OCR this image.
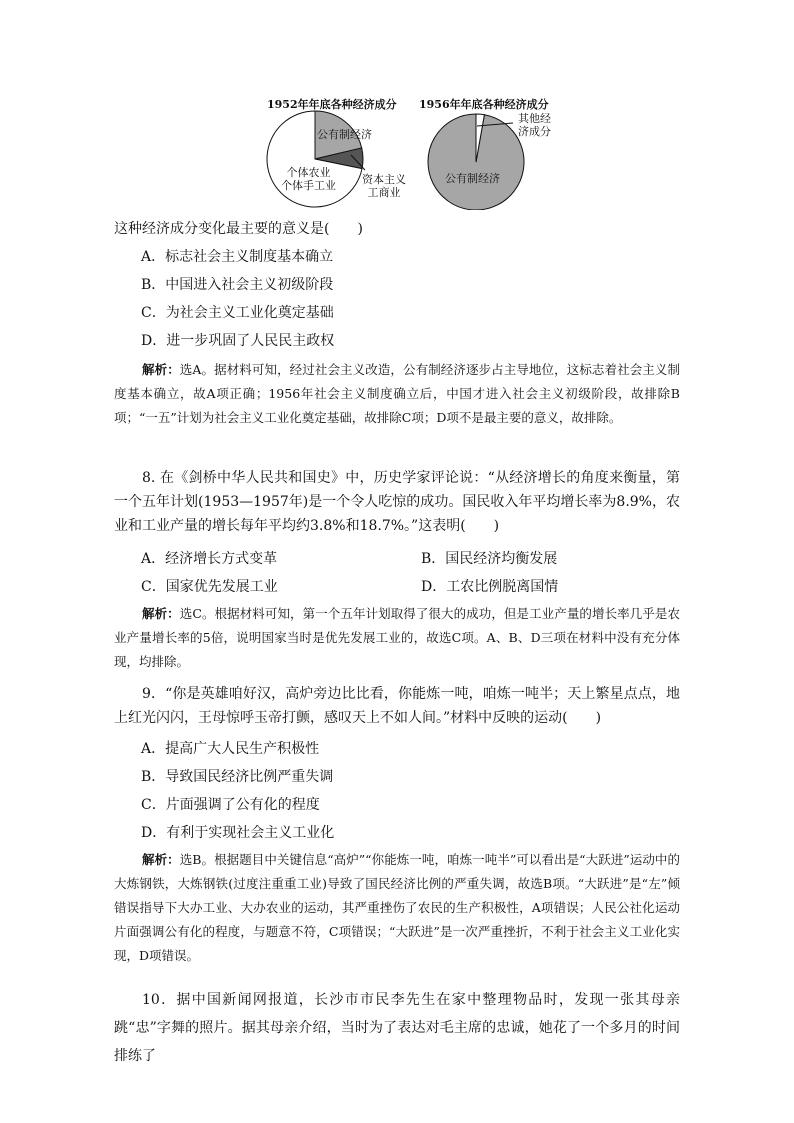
1952年年底各种经济成分 1956年年底各种经济成分
公有制经济
资本主义
工商业
个体农业
个体手工业
公有制经济
其他经
济成分
这种经济成分变化最主要的意义是(　　)
A．标志社会主义制度基本确立
B．中国进入社会主义初级阶段
C．为社会主义工业化奠定基础
D．进一步巩固了人民民主政权
解析：选A。据材料可知，经过社会主义改造，公有制经济逐步占主导地位，这标志着社会主义制度基本确立，故A项正确；1956年社会主义制度确立后，中国才进入社会主义初级阶段，故排除B项；“一五”计划为社会主义工业化奠定基础，故排除C项；D项不是最主要的意义，故排除。
8. 在《剑桥中华人民共和国史》中，历史学家评论说：“从经济增长的角度来衡量，第一个五年计划(1953—1957年)是一个令人吃惊的成功。国民收入年平均增长率为8.9%，农业和工业产量的增长每年平均约3.8%和18.7%。”这表明(　　)
A．经济增长方式变革	B．国民经济均衡发展
C．国家优先发展工业	D．工农比例脱离国情
解析：选C。根据材料可知，第一个五年计划取得了很大的成功，但是工业产量的增长率几乎是农业产量增长率的5倍，说明国家当时是优先发展工业的，故选C项。A、B、D三项在材料中没有充分体现，均排除。
9．“你是英雄咱好汉，高炉旁边比比看，你能炼一吨，咱炼一吨半；天上繁星点点，地上红光闪闪，王母惊呼玉帝打颤，感叹天上不如人间。”材料中反映的运动(　　)
A．提高广大人民生产积极性
B．导致国民经济比例严重失调
C．片面强调了公有化的程度
D．有利于实现社会主义工业化
解析：选B。根据题目中关键信息“高炉”“你能炼一吨，咱炼一吨半”可以看出是“大跃进”运动中的大炼钢铁，大炼钢铁(过度注重重工业)导致了国民经济比例的严重失调，故选B项。“大跃进”是“左”倾错误指导下大办工业、大办农业的运动，其严重挫伤了农民的生产积极性，A项错误；人民公社化运动片面强调公有化的程度，与题意不符，C项错误；“大跃进”是一次严重挫折，不利于社会主义工业化实现，D项错误。
10．据中国新闻网报道，长沙市市民李先生在家中整理物品时，发现一张其母亲跳“忠”字舞的照片。据其母亲介绍，当时为了表达对毛主席的忠诚，她花了一个多月的时间排练了
